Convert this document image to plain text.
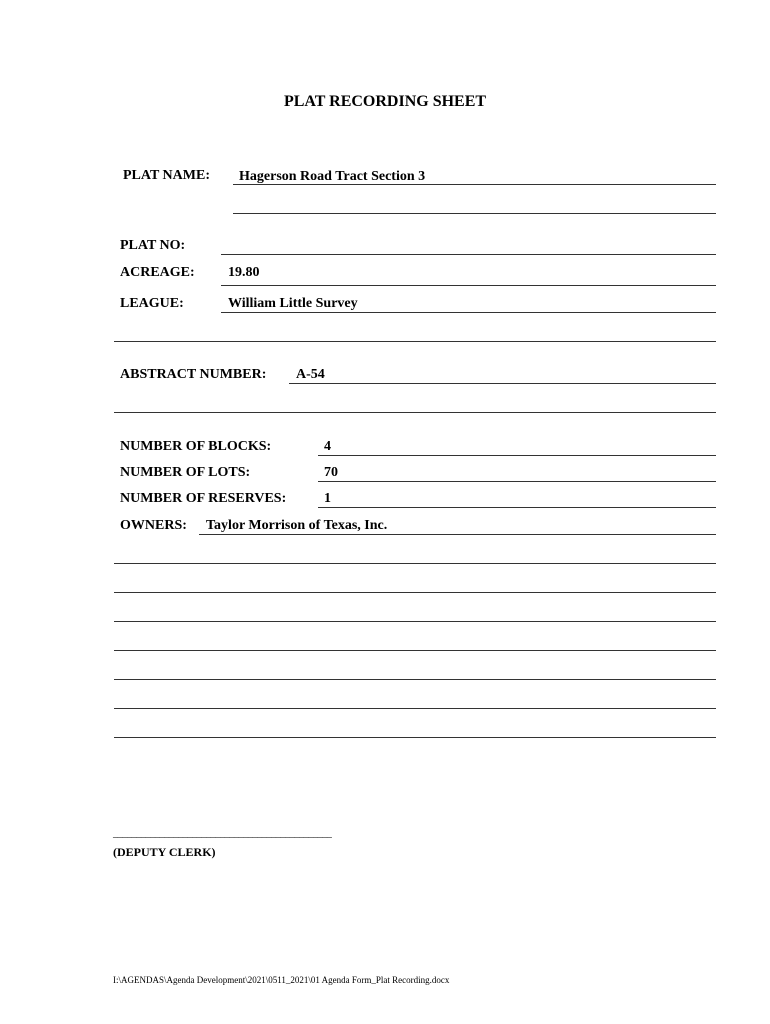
PLAT RECORDING SHEET
PLAT NAME: Hagerson Road Tract Section 3
PLAT NO:
ACREAGE: 19.80
LEAGUE:	William Little Survey
ABSTRACT NUMBER: A-54
NUMBER OF BLOCKS:	4
NUMBER OF LOTS:	70
NUMBER OF RESERVES:	1
OWNERS: Taylor Morrison of Texas, Inc.
_______________________________________________
(DEPUTY CLERK)
I:\AGENDAS\Agenda Development\2021\0511_2021\01 Agenda Form_Plat Recording.docx
